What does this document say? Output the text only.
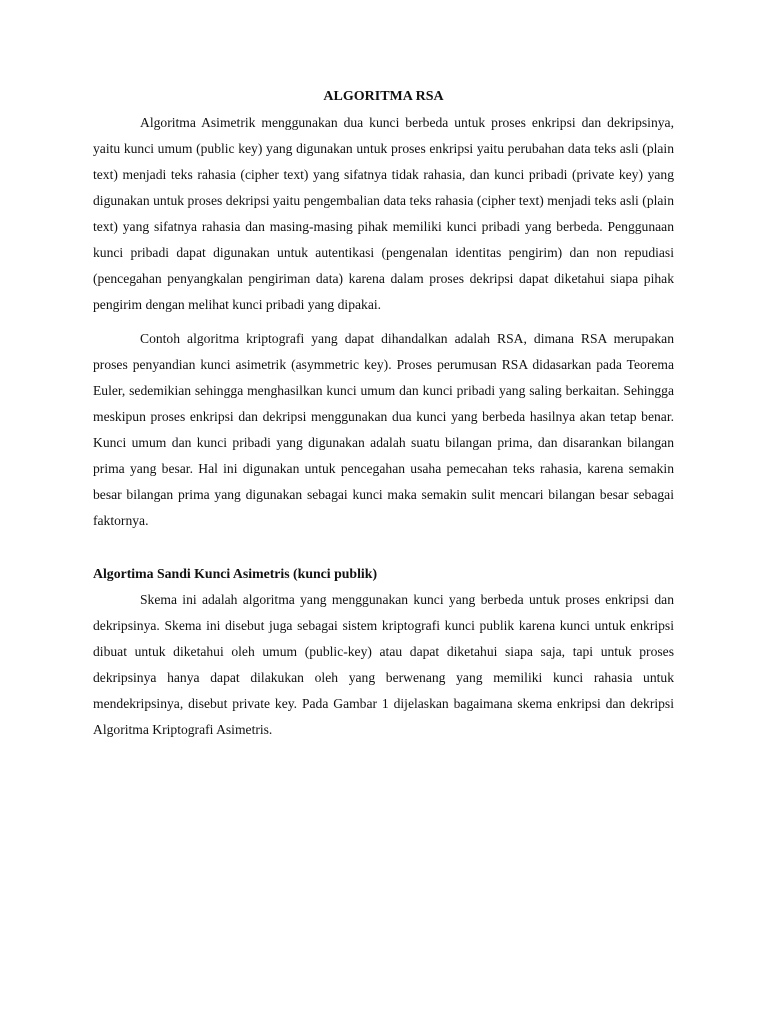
ALGORITMA RSA

Algoritma Asimetrik menggunakan dua kunci berbeda untuk proses enkripsi dan dekripsinya, yaitu kunci umum (public key) yang digunakan untuk proses enkripsi yaitu perubahan data teks asli (plain text) menjadi teks rahasia (cipher text) yang sifatnya tidak rahasia, dan kunci pribadi (private key) yang digunakan untuk proses dekripsi yaitu pengembalian data teks rahasia (cipher text) menjadi teks asli (plain text) yang sifatnya rahasia dan masing-masing pihak memiliki kunci pribadi yang berbeda. Penggunaan kunci pribadi dapat digunakan untuk autentikasi (pengenalan identitas pengirim) dan non repudiasi (pencegahan penyangkalan pengiriman data) karena dalam proses dekripsi dapat diketahui siapa pihak pengirim dengan melihat kunci pribadi yang dipakai.

Contoh algoritma kriptografi yang dapat dihandalkan adalah RSA, dimana RSA merupakan proses penyandian kunci asimetrik (asymmetric key). Proses perumusan RSA didasarkan pada Teorema Euler, sedemikian sehingga menghasilkan kunci umum dan kunci pribadi yang saling berkaitan. Sehingga meskipun proses enkripsi dan dekripsi menggunakan dua kunci yang berbeda hasilnya akan tetap benar. Kunci umum dan kunci pribadi yang digunakan adalah suatu bilangan prima, dan disarankan bilangan prima yang besar. Hal ini digunakan untuk pencegahan usaha pemecahan teks rahasia, karena semakin besar bilangan prima yang digunakan sebagai kunci maka semakin sulit mencari bilangan besar sebagai faktornya.

Algortima Sandi Kunci Asimetris (kunci publik)

Skema ini adalah algoritma yang menggunakan kunci yang berbeda untuk proses enkripsi dan dekripsinya. Skema ini disebut juga sebagai sistem kriptografi kunci publik karena kunci untuk enkripsi dibuat untuk diketahui oleh umum (public-key) atau dapat diketahui siapa saja, tapi untuk proses dekripsinya hanya dapat dilakukan oleh yang berwenang yang memiliki kunci rahasia untuk mendekripsinya, disebut private key. Pada Gambar 1 dijelaskan bagaimana skema enkripsi dan dekripsi Algoritma Kriptografi Asimetris.
